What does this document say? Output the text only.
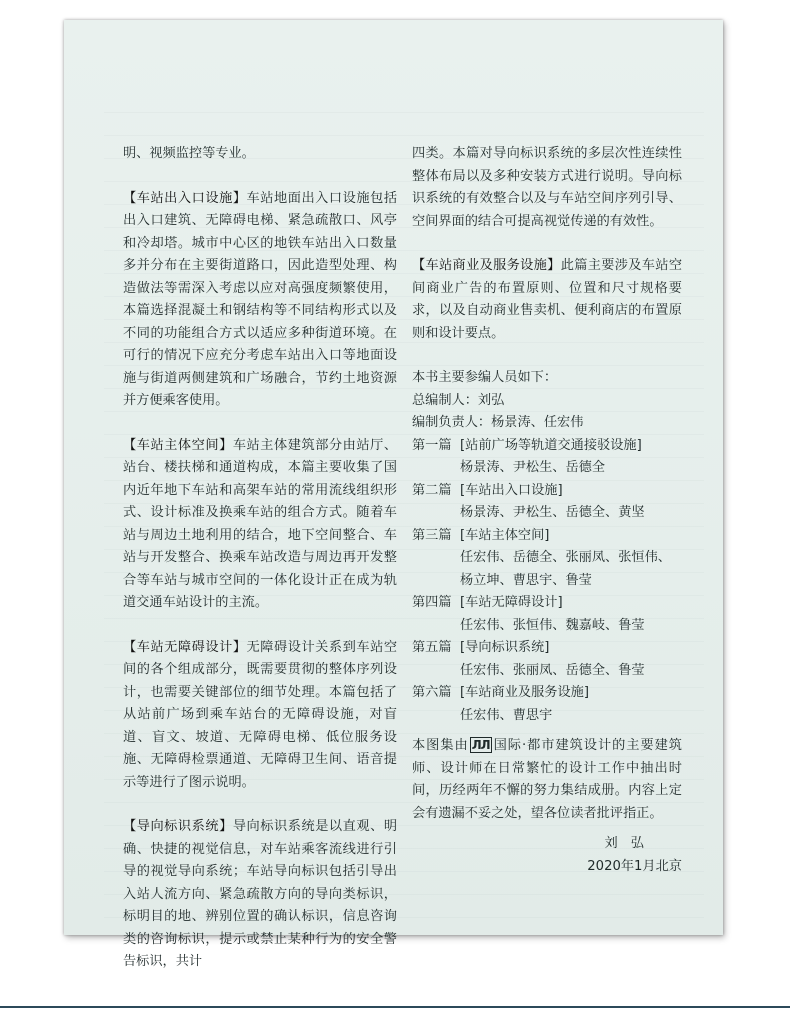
明、视频监控等专业。

【车站出入口设施】车站地面出入口设施包括出入口建筑、无障碍电梯、紧急疏散口、风亭和冷却塔。城市中心区的地铁车站出入口数量多并分布在主要街道路口，因此造型处理、构造做法等需深入考虑以应对高强度频繁使用，本篇选择混凝土和钢结构等不同结构形式以及不同的功能组合方式以适应多种街道环境。在可行的情况下应充分考虑车站出入口等地面设施与街道两侧建筑和广场融合，节约土地资源并方便乘客使用。

【车站主体空间】车站主体建筑部分由站厅、站台、楼扶梯和通道构成，本篇主要收集了国内近年地下车站和高架车站的常用流线组织形式、设计标准及换乘车站的组合方式。随着车站与周边土地利用的结合，地下空间整合、车站与开发整合、换乘车站改造与周边再开发整合等车站与城市空间的一体化设计正在成为轨道交通车站设计的主流。

【车站无障碍设计】无障碍设计关系到车站空间的各个组成部分，既需要贯彻的整体序列设计，也需要关键部位的细节处理。本篇包括了从站前广场到乘车站台的无障碍设施，对盲道、盲文、坡道、无障碍电梯、低位服务设施、无障碍检票通道、无障碍卫生间、语音提示等进行了图示说明。

【导向标识系统】导向标识系统是以直观、明确、快捷的视觉信息，对车站乘客流线进行引导的视觉导向系统；车站导向标识包括引导出入站人流方向、紧急疏散方向的导向类标识，标明目的地、辨别位置的确认标识，信息咨询类的咨询标识，提示或禁止某种行为的安全警告标识，共计

四类。本篇对导向标识系统的多层次性连续性整体布局以及多种安装方式进行说明。导向标识系统的有效整合以及与车站空间序列引导、空间界面的结合可提高视觉传递的有效性。

【车站商业及服务设施】此篇主要涉及车站空间商业广告的布置原则、位置和尺寸规格要求，以及自动商业售卖机、便利商店的布置原则和设计要点。

本书主要参编人员如下：
总编制人：刘弘
编制负责人：杨景涛、任宏伟
第一篇 [站前广场等轨道交通接驳设施]
杨景涛、尹松生、岳德全
第二篇 [车站出入口设施]
杨景涛、尹松生、岳德全、黄坚
第三篇 [车站主体空间]
任宏伟、岳德全、张丽凤、张恒伟、
杨立坤、曹思宇、鲁莹
第四篇 [车站无障碍设计]
任宏伟、张恒伟、魏嘉岐、鲁莹
第五篇 [导向标识系统]
任宏伟、张丽凤、岳德全、鲁莹
第六篇 [车站商业及服务设施]
任宏伟、曹思宇

本图集由 ЛЛ 国际·都市建筑设计的主要建筑师、设计师在日常繁忙的设计工作中抽出时间，历经两年不懈的努力集结成册。内容上定会有遗漏不妥之处，望各位读者批评指正。

刘　弘
2020年1月北京
